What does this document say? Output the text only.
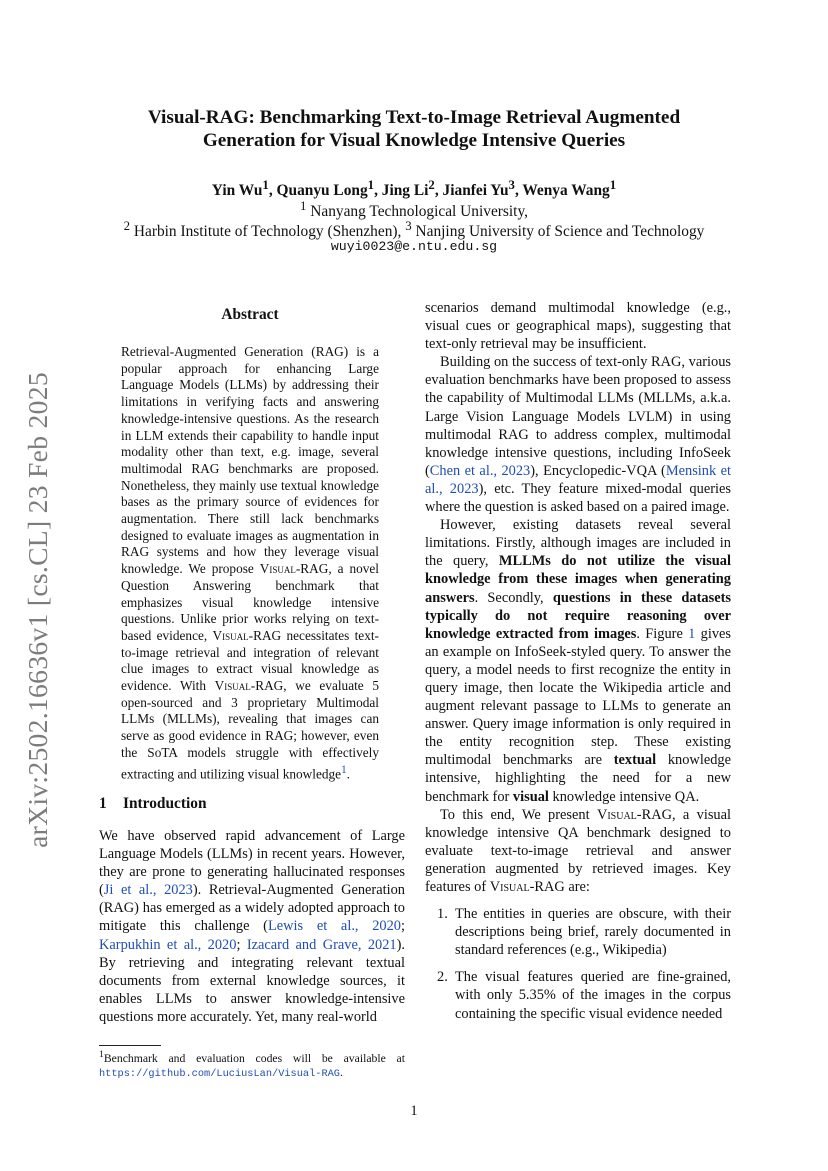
arXiv:2502.16636v1 [cs.CL] 23 Feb 2025
Visual-RAG: Benchmarking Text-to-Image Retrieval Augmented
Generation for Visual Knowledge Intensive Queries
Yin Wu$^1$, Quanyu Long$^1$, Jing Li$^2$, Jianfei Yu$^3$, Wenya Wang$^1$
$^1$ Nanyang Technological University,
$^2$ Harbin Institute of Technology (Shenzhen), $^3$ Nanjing University of Science and Technology
wuyi0023@e.ntu.edu.sg
Abstract

Retrieval-Augmented Generation (RAG) is a popular approach for enhancing Large Language Models (LLMs) by addressing their limitations in verifying facts and answering knowledge-intensive questions. As the research in LLM extends their capability to handle input modality other than text, e.g. image, several multimodal RAG benchmarks are proposed. Nonetheless, they mainly use textual knowledge bases as the primary source of evidences for augmentation. There still lack benchmarks designed to evaluate images as augmentation in RAG systems and how they leverage visual knowledge. We propose Visual-RAG, a novel Question Answering benchmark that emphasizes visual knowledge intensive questions. Unlike prior works relying on text-based evidence, Visual-RAG necessitates text-to-image retrieval and integration of relevant clue images to extract visual knowledge as evidence. With Visual-RAG, we evaluate 5 open-sourced and 3 proprietary Multimodal LLMs (MLLMs), revealing that images can serve as good evidence in RAG; however, even the SoTA models struggle with effectively extracting and utilizing visual knowledge$^1$.

1 Introduction

We have observed rapid advancement of Large Language Models (LLMs) in recent years. However, they are prone to generating hallucinated responses (Ji et al., 2023). Retrieval-Augmented Generation (RAG) has emerged as a widely adopted approach to mitigate this challenge (Lewis et al., 2020; Karpukhin et al., 2020; Izacard and Grave, 2021). By retrieving and integrating relevant textual documents from external knowledge sources, it enables LLMs to answer knowledge-intensive questions more accurately. Yet, many real-world

$^1$Benchmark and evaluation codes will be available at https://github.com/LuciusLan/Visual-RAG.

scenarios demand multimodal knowledge (e.g., visual cues or geographical maps), suggesting that text-only retrieval may be insufficient.

Building on the success of text-only RAG, various evaluation benchmarks have been proposed to assess the capability of Multimodal LLMs (MLLMs, a.k.a. Large Vision Language Models LVLM) in using multimodal RAG to address complex, multimodal knowledge intensive questions, including InfoSeek (Chen et al., 2023), Encyclopedic-VQA (Mensink et al., 2023), etc. They feature mixed-modal queries where the question is asked based on a paired image.

However, existing datasets reveal several limitations. Firstly, although images are included in the query, MLLMs do not utilize the visual knowledge from these images when generating answers. Secondly, questions in these datasets typically do not require reasoning over knowledge extracted from images. Figure 1 gives an example on InfoSeek-styled query. To answer the query, a model needs to first recognize the entity in query image, then locate the Wikipedia article and augment relevant passage to LLMs to generate an answer. Query image information is only required in the entity recognition step. These existing multimodal benchmarks are textual knowledge intensive, highlighting the need for a new benchmark for visual knowledge intensive QA.

To this end, We present Visual-RAG, a visual knowledge intensive QA benchmark designed to evaluate text-to-image retrieval and answer generation augmented by retrieved images. Key features of Visual-RAG are:

1. The entities in queries are obscure, with their descriptions being brief, rarely documented in standard references (e.g., Wikipedia)
2. The visual features queried are fine-grained, with only 5.35% of the images in the corpus containing the specific visual evidence needed
1
